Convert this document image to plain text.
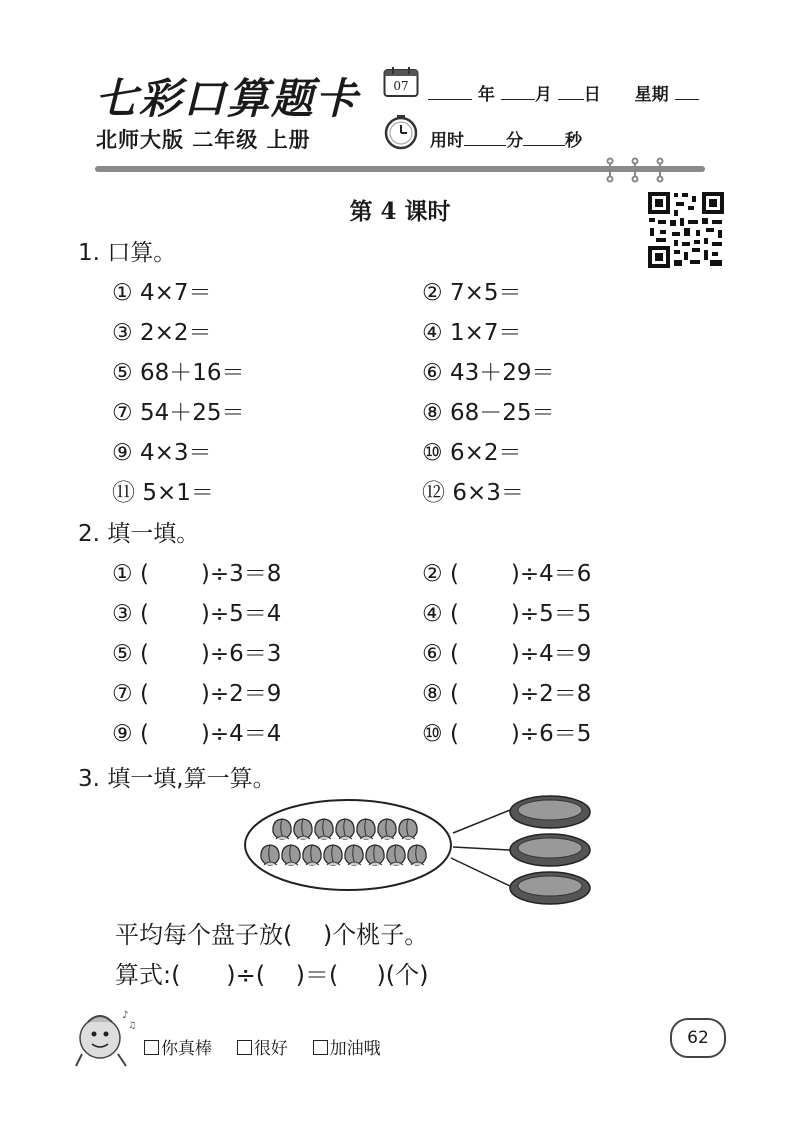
七彩口算题卡
北师大版 二年级 上册
07	年 月 日 星期
用时 分 秒
第 4 课时
1. 口算。
① 4×7＝	② 7×5＝
③ 2×2＝	④ 1×7＝
⑤ 68＋16＝	⑥ 43＋29＝
⑦ 54＋25＝	⑧ 68－25＝
⑨ 4×3＝	⑩ 6×2＝
⑪ 5×1＝	⑫ 6×3＝
2. 填一填。
① ( )÷3＝8	② ( )÷4＝6
③ ( )÷5＝4	④ ( )÷5＝5
⑤ ( )÷6＝3	⑥ ( )÷4＝9
⑦ ( )÷2＝9	⑧ ( )÷2＝8
⑨ ( )÷4＝4	⑩ ( )÷6＝5
3. 填一填,算一算。
平均每个盘子放(    )个桃子。
算式:(      )÷(    )＝(     )(个)
♪
♫
你真棒 很好 加油哦
62
